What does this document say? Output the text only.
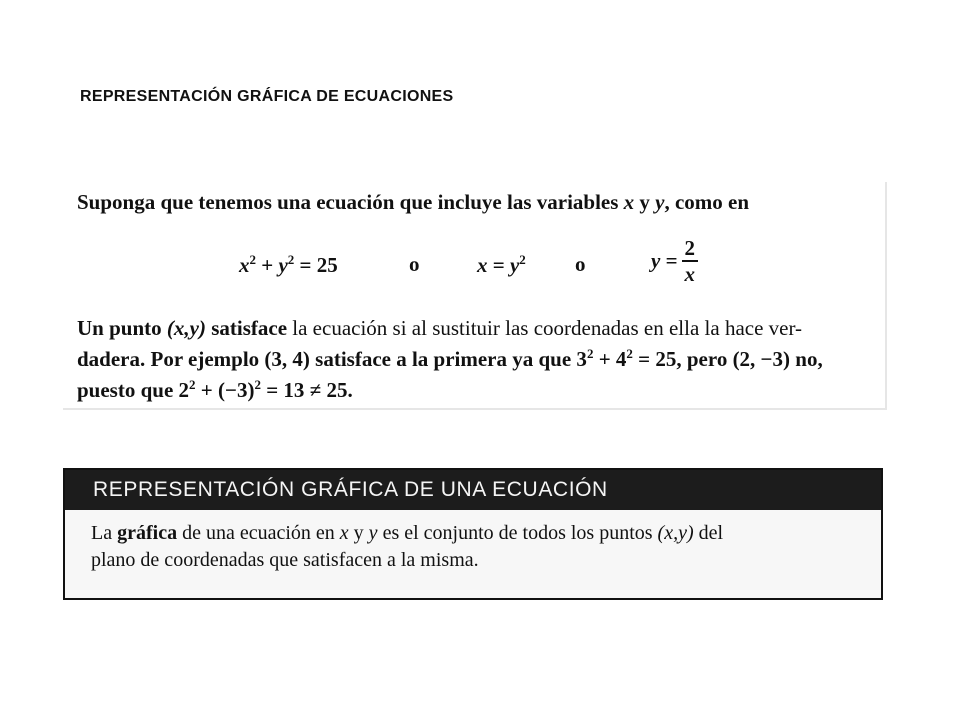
REPRESENTACIÓN GRÁFICA DE ECUACIONES
Suponga que tenemos una ecuación que incluye las variables x y y, como en
$x^2 + y^2 = 25$	o	$x = y^2$ o	$y = \frac{2}{x}$

Un punto (x,y) satisface la ecuación si al sustituir las coordenadas en ella la hace ver-

dadera. Por ejemplo (3, 4) satisface a la primera ya que $3^2 + 4^2 = 25$, pero (2, −3) no,

puesto que $2^2 + (-3)^2 = 13 \ne 25$.

REPRESENTACIÓN GRÁFICA DE UNA ECUACIÓN

La gráfica de una ecuación en x y y es el conjunto de todos los puntos (x,y) del

plano de coordenadas que satisfacen a la misma.
